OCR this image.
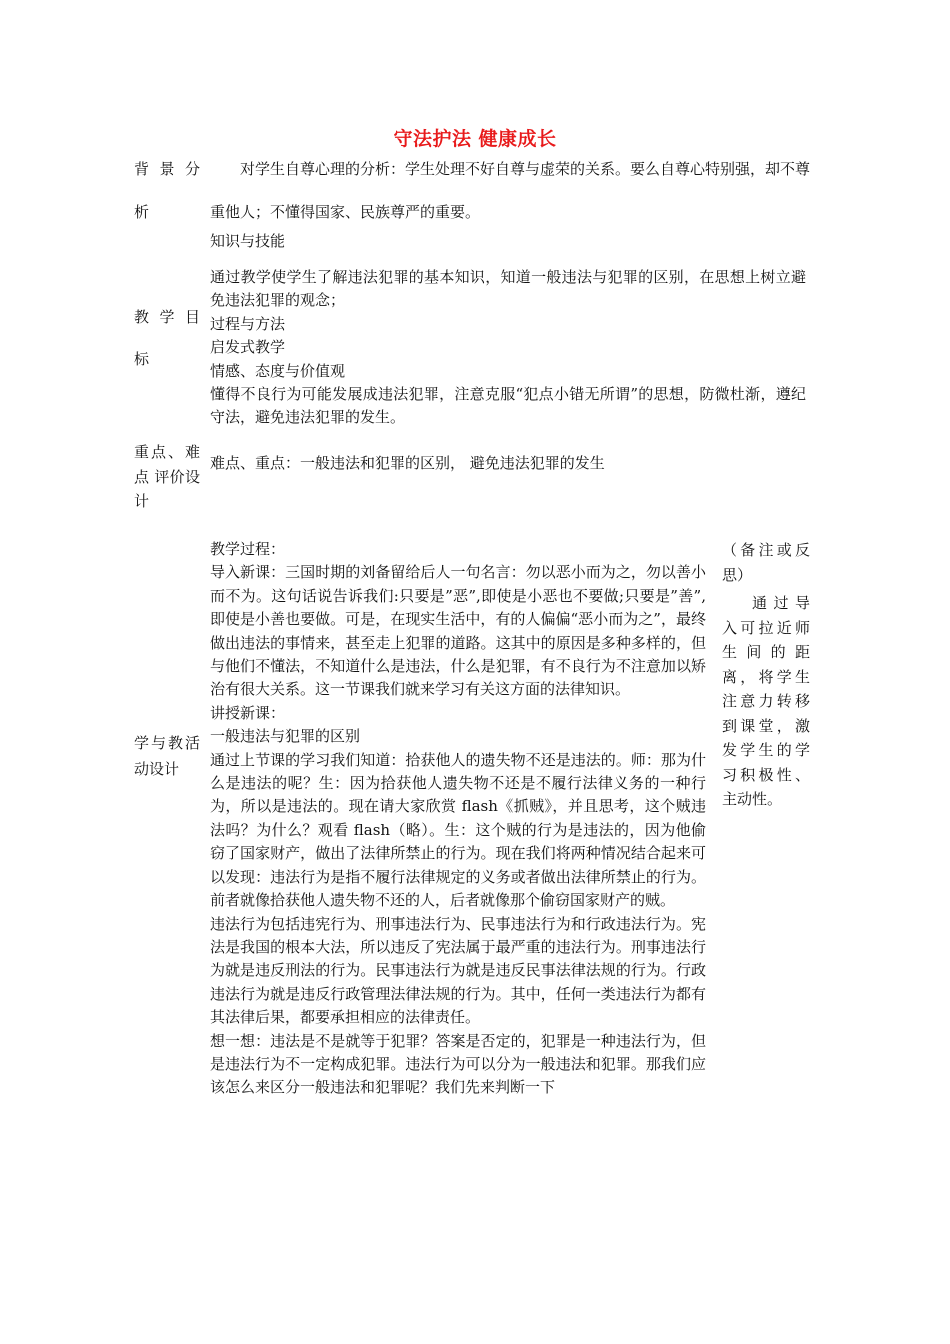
守法护法 健康成长
背 景 分 析
对学生自尊心理的分析：学生处理不好自尊与虚荣的关系。要么自尊心特别强，却不尊重他人；不懂得国家、民族尊严的重要。
教 学 目 标

知识与技能

通过教学使学生了解违法犯罪的基本知识，知道一般违法与犯罪的区别，在思想上树立避免违法犯罪的观念；

过程与方法

启发式教学

情感、态度与价值观

懂得不良行为可能发展成违法犯罪，注意克服“犯点小错无所谓”的思想，防微杜渐，遵纪守法，避免违法犯罪的发生。

重点、难点 评价设计
难点、重点：一般违法和犯罪的区别， 避免违法犯罪的发生
学与教活动设计

教学过程：

导入新课：三国时期的刘备留给后人一句名言：勿以恶小而为之，勿以善小而不为。这句话说告诉我们:只要是”恶”,即使是小恶也不要做;只要是”善”,即使是小善也要做。可是，在现实生活中，有的人偏偏“恶小而为之”，最终做出违法的事情来，甚至走上犯罪的道路。这其中的原因是多种多样的，但与他们不懂法，不知道什么是违法，什么是犯罪，有不良行为不注意加以矫治有很大关系。这一节课我们就来学习有关这方面的法律知识。

讲授新课：

一般违法与犯罪的区别

通过上节课的学习我们知道：拾获他人的遗失物不还是违法的。师：那为什么是违法的呢？生：因为拾获他人遗失物不还是不履行法律义务的一种行为，所以是违法的。现在请大家欣赏 flash《抓贼》，并且思考，这个贼违法吗？为什么？观看 flash（略）。生：这个贼的行为是违法的，因为他偷窃了国家财产，做出了法律所禁止的行为。现在我们将两种情况结合起来可以发现：违法行为是指不履行法律规定的义务或者做出法律所禁止的行为。前者就像拾获他人遗失物不还的人，后者就像那个偷窃国家财产的贼。

违法行为包括违宪行为、刑事违法行为、民事违法行为和行政违法行为。宪法是我国的根本大法，所以违反了宪法属于最严重的违法行为。刑事违法行为就是违反刑法的行为。民事违法行为就是违反民事法律法规的行为。行政违法行为就是违反行政管理法律法规的行为。其中，任何一类违法行为都有其法律后果，都要承担相应的法律责任。

想一想：违法是不是就等于犯罪？答案是否定的，犯罪是一种违法行为，但是违法行为不一定构成犯罪。违法行为可以分为一般违法和犯罪。那我们应该怎么来区分一般违法和犯罪呢？我们先来判断一下

（备注或反思）

通过导入可拉近师生间的距离，将学生注意力转移到课堂，激发学生的学习积极性、主动性。
